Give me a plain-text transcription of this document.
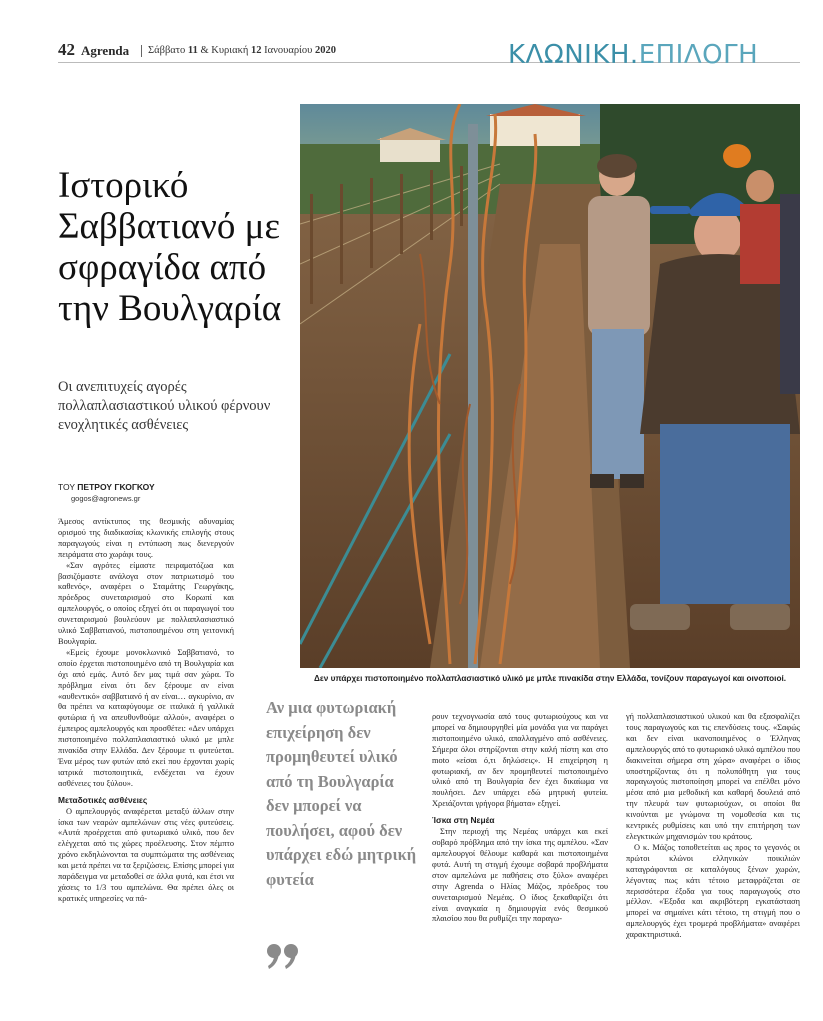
42 Agrenda Σάββατο 11 & Κυριακή 12 Ιανουαρίου 2020	ΚΛΩΝΙΚΗ.ΕΠΙΛΟΓΗ
Ιστορικό Σαββατιανό με σφραγίδα από την Βουλγαρία
Οι ανεπιτυχείς αγορές πολλαπλασιαστικού υλικού φέρνουν ενοχλητικές ασθένειες
ΤΟΥ ΠΕΤΡΟΥ ΓΚΟΓΚΟΥ
gogos@agronews.gr
Δεν υπάρχει πιστοποιημένο πολλαπλασιαστικό υλικό με μπλε πινακίδα στην Ελλάδα, τονίζουν παραγωγοί και οινοποιοί.

Άμεσος αντίκτυπος της θεσμικής αδυναμίας ορισμού της διαδικασίας κλωνικής επιλογής στους παραγωγούς είναι η εντύπωση πως διενεργούν πειράματα στο χωράφι τους.

«Σαν αγρότες είμαστε πειραματόζωα και βασιζόμαστε ανάλογα στον πατριωτισμό του καθενός», αναφέρει ο Σταμάτης Γεωργάκης, πρόεδρος συνεταιρισμού στο Κορωπί και αμπελουργός, ο οποίος εξηγεί ότι οι παραγωγοί του συνεταιρισμού βουλεύουν με πολλαπλασιαστικό υλικό Σαββατιανού, πιστοποιημένου στη γειτονική Βουλγαρία.

«Εμείς έχουμε μονοκλωνικό Σαββατιανό, το οποίο έρχεται πιστοποιημένο από τη Βουλγαρία και όχι από εμάς. Αυτό δεν μας τιμά σαν χώρα. Το πρόβλημα είναι ότι δεν ξέρουμε αν είναι «αυθεντικό» σαββατιανό ή αν είναι… αγκυρίνιο, αν θα πρέπει να καταφύγουμε σε ιταλικά ή γαλλικά φυτώρια ή να απευθυνθούμε αλλού», αναφέρει ο έμπειρος αμπελουργός και προσθέτει: «Δεν υπάρχει πιστοποιημένο πολλαπλασιαστικό υλικό με μπλε πινακίδα στην Ελλάδα. Δεν ξέρουμε τι φυτεύεται. Ένα μέρος των φυτών από εκεί που έρχονται χωρίς ιατρικά πιστοποιητικά, ενδέχεται να έχουν ασθένειες του ξύλου».

Μεταδοτικές ασθένειες

Ο αμπελουργός αναφέρεται μεταξύ άλλων στην ίσκα των νεαρών αμπελώνων στις νέες φυτεύσεις. «Αυτά προέρχεται από φυτωριακό υλικό, που δεν ελέγχεται από τις χώρες προέλευσης. Στον πέμπτο χρόνο εκδηλώνονται τα συμπτώματα της ασθένειας και μετά πρέπει να τα ξεριζώσεις. Επίσης μπορεί για παράδειγμα να μεταδοθεί σε άλλα φυτά, και έτσι να χάσεις το 1/3 του αμπελώνα. Θα πρέπει όλες οι κρατικές υπηρεσίες να πά-

Αν μια φυτωριακή επιχείρηση δεν προμηθευτεί υλικό από τη Βουλγαρία δεν μπορεί να πουλήσει, αφού δεν υπάρχει εδώ μητρική φυτεία

ρουν τεχνογνωσία από τους φυτωριούχους και να μπορεί να δημιουργηθεί μία μονάδα για να παράγει πιστοποιημένο υλικό, απαλλαγμένο από ασθένειες. Σήμερα όλοι στηρίζονται στην καλή πίστη και στο moto «είσαι ό,τι δηλώσεις». Η επιχείρηση η φυτωριακή, αν δεν προμηθευτεί πιστοποιημένο υλικό από τη Βουλγαρία δεν έχει δικαίωμα να πουλήσει. Δεν υπάρχει εδώ μητρική φυτεία. Χρειάζονται γρήγορα βήματα» εξηγεί.

Ίσκα στη Νεμέα

Στην περιοχή της Νεμέας υπάρχει και εκεί σοβαρό πρόβλημα από την ίσκα της αμπέλου. «Σαν αμπελουργοί θέλουμε καθαρά και πιστοποιημένα φυτά. Αυτή τη στιγμή έχουμε σοβαρά προβλήματα στον αμπελώνα με παθήσεις στο ξύλο» αναφέρει στην Agrenda ο Ηλίας Μάζος, πρόεδρος του συνεταιρισμού Νεμέας. Ο ίδιος ξεκαθαρίζει ότι είναι αναγκαία η δημιουργία ενός θεσμικού πλαισίου που θα ρυθμίζει την παραγω-

γή πολλαπλασιαστικού υλικού και θα εξασφαλίζει τους παραγωγούς και τις επενδύσεις τους. «Σαφώς και δεν είναι ικανοποιημένος ο Έλληνας αμπελουργός από το φυτωριακό υλικό αμπέλου που διακινείται σήμερα στη χώρα» αναφέρει ο ίδιος υποστηρίζοντας ότι η πολυπόθητη για τους παραγωγούς πιστοποίηση μπορεί να επέλθει μόνο μέσα από μια μεθοδική και καθαρή δουλειά από την πλευρά των φυτωριούχων, οι οποίοι θα κινούνται με γνώμονα τη νομοθεσία και τις κεντρικές ρυθμίσεις και υπό την επιτήρηση των ελεγκτικών μηχανισμών του κράτους.

Ο κ. Μάζος τοποθετείται ως προς το γεγονός οι πρώτοι κλώνοι ελληνικών ποικιλιών καταγράφονται σε καταλόγους ξένων χωρών, λέγοντας πως κάτι τέτοιο μεταφράζεται σε περισσότερα έξοδα για τους παραγωγούς στο μέλλον. «Έξοδα και ακριβότερη εγκατάσταση μπορεί να σημαίνει κάτι τέτοιο, τη στιγμή που ο αμπελουργός έχει τρομερά προβλήματα» αναφέρει χαρακτηριστικά.
